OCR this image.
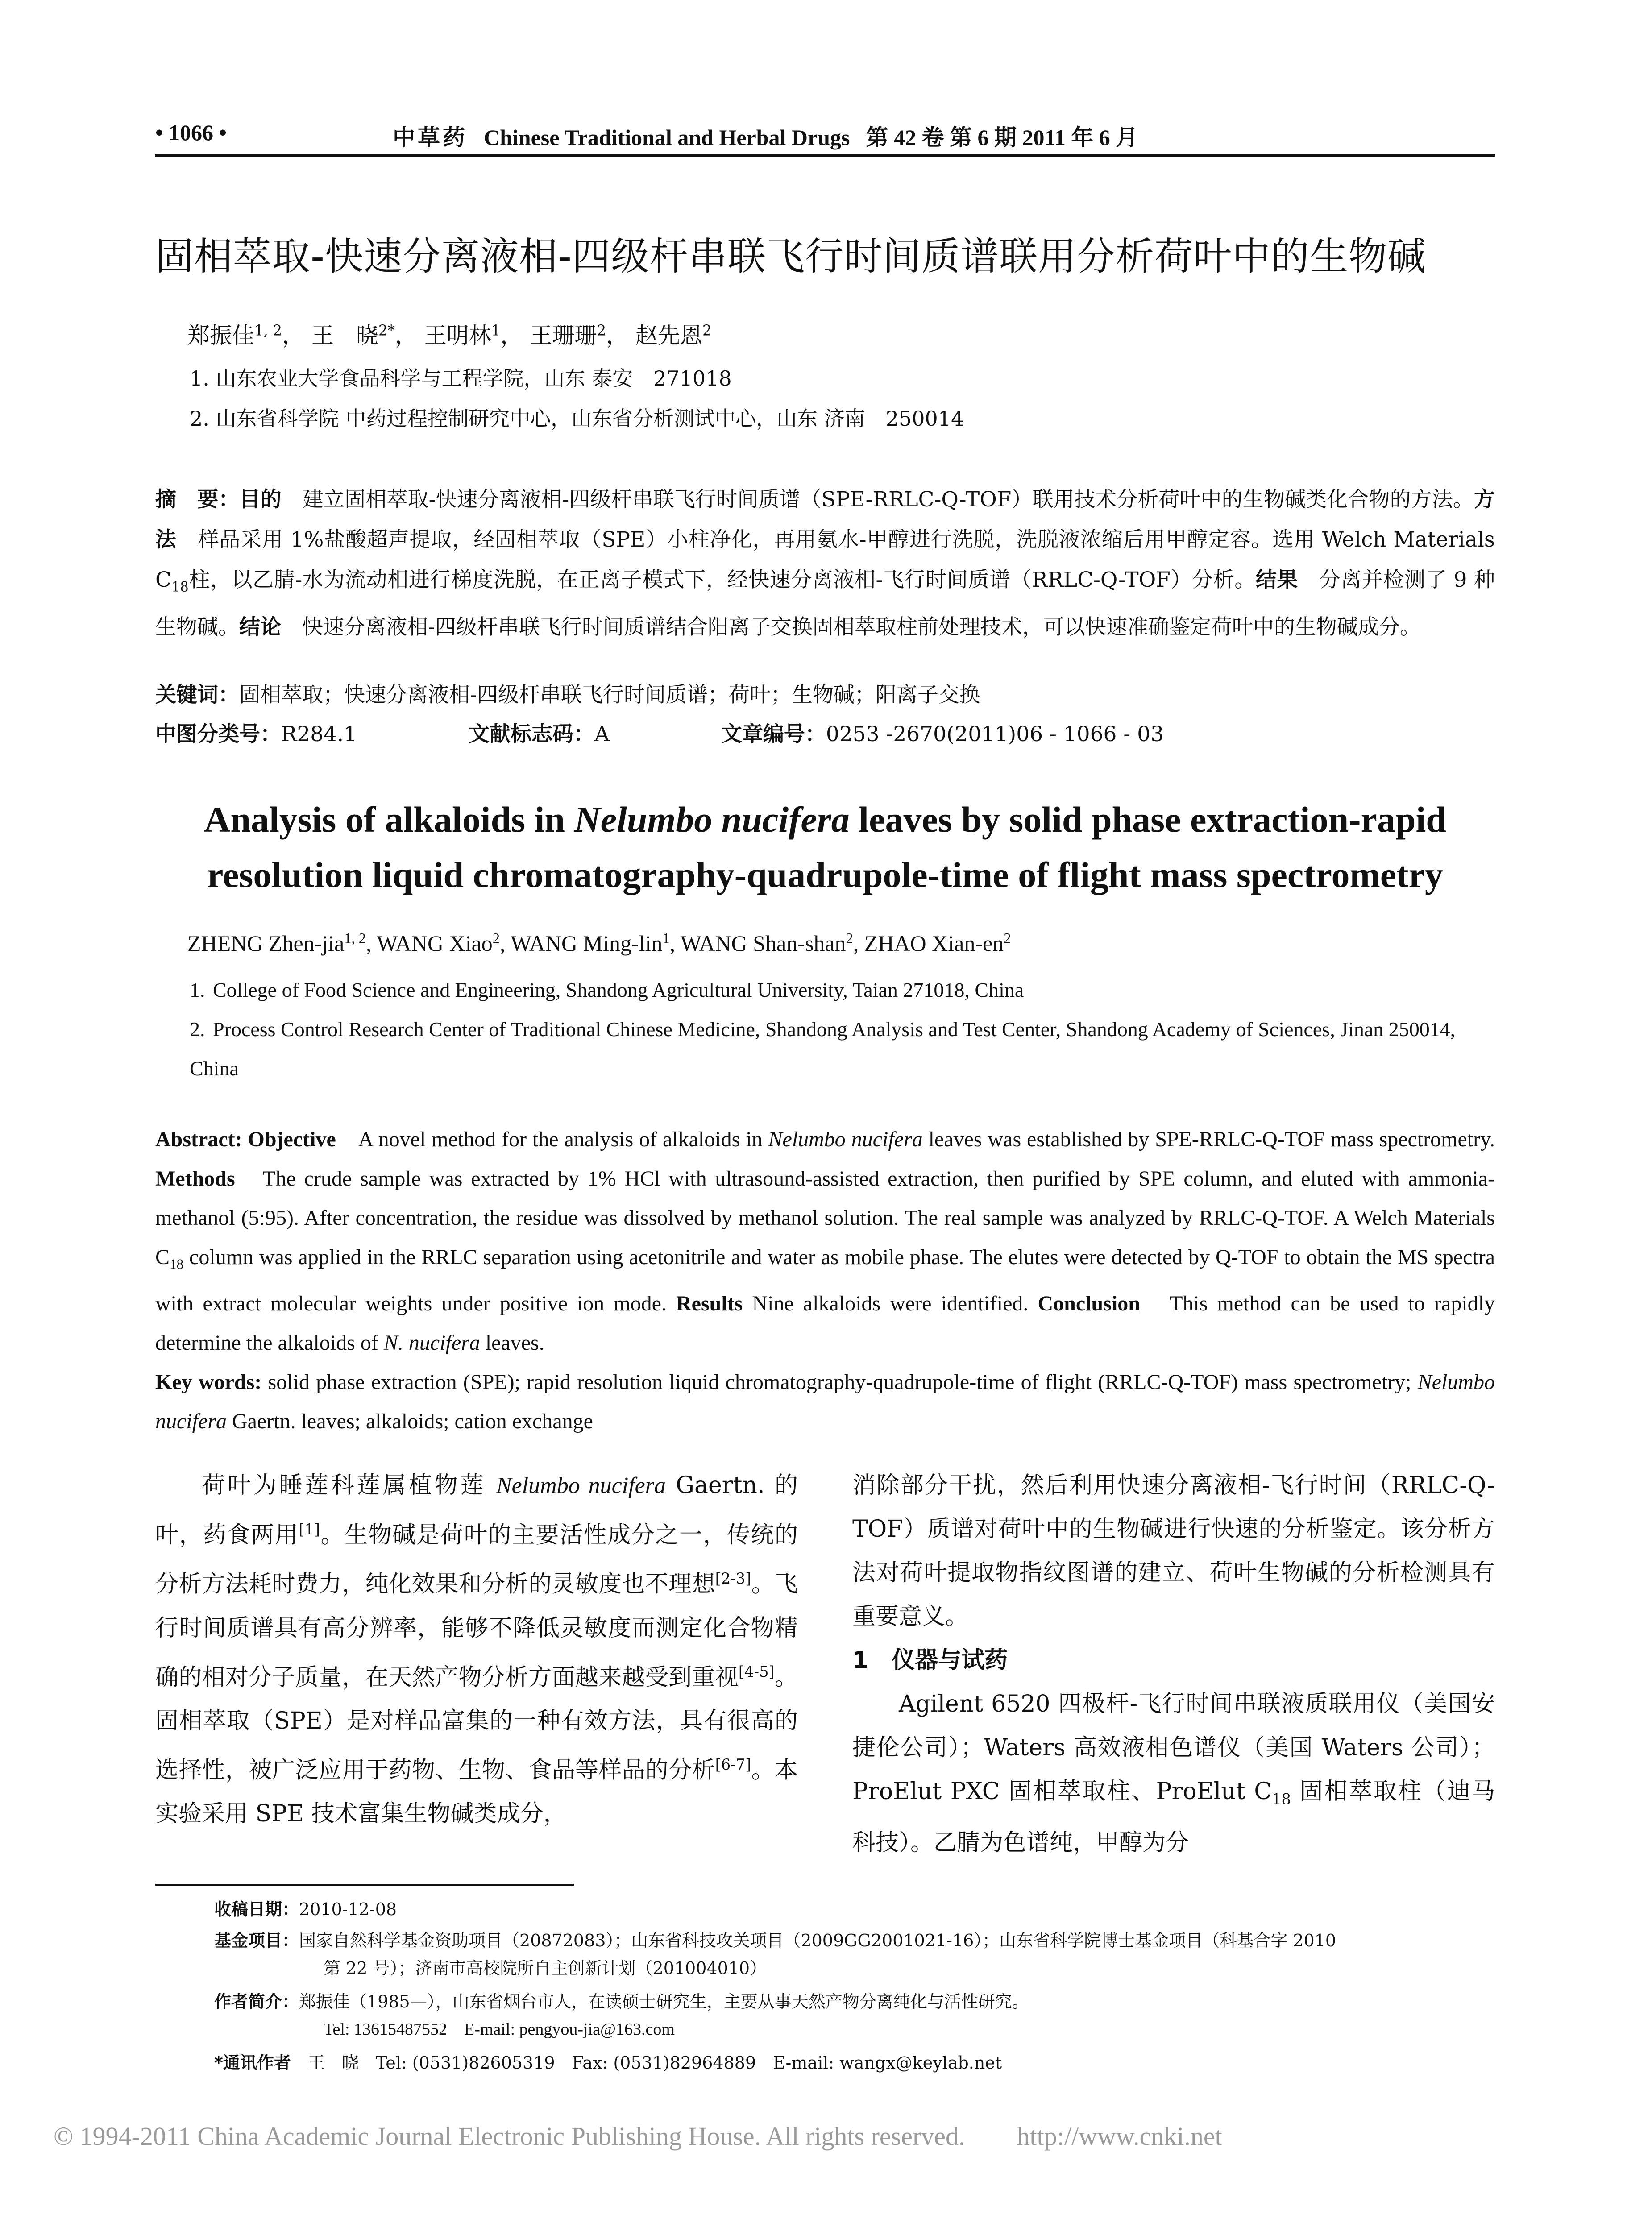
• 1066 •	中草药 Chinese Traditional and Herbal Drugs 第 42 卷 第 6 期 2011 年 6 月
固相萃取-快速分离液相-四级杆串联飞行时间质谱联用分析荷叶中的生物碱
郑振佳$^{1, 2}$， 王　晓$^{2*}$， 王明林$^1$， 王珊珊$^2$， 赵先恩$^2$
1. 山东农业大学食品科学与工程学院，山东 泰安　271018
2. 山东省科学院 中药过程控制研究中心，山东省分析测试中心，山东 济南　250014
摘　要：目的　 建立固相萃取-快速分离液相-四级杆串联飞行时间质谱（SPE-RRLC-Q-TOF）联用技术分析荷叶中的生物碱类化合物的方法。方法　 样品采用 1%盐酸超声提取，经固相萃取（SPE）小柱净化，再用氨水-甲醇进行洗脱，洗脱液浓缩后用甲醇定容。选用 Welch Materials $C_{18}$柱，以乙腈-水为流动相进行梯度洗脱，在正离子模式下，经快速分离液相-飞行时间质谱（RRLC-Q-TOF）分析。结果　 分离并检测了 9 种生物碱。结论　 快速分离液相-四级杆串联飞行时间质谱结合阳离子交换固相萃取柱前处理技术，可以快速准确鉴定荷叶中的生物碱成分。
关键词：固相萃取；快速分离液相-四级杆串联飞行时间质谱；荷叶；生物碱；阳离子交换
中图分类号：R284.1	文献标志码：A	文章编号：0253 -2670(2011)06 - 1066 - 03
Analysis of alkaloids in Nelumbo nucifera leaves by solid phase extraction-rapid resolution liquid chromatography-quadrupole-time of flight mass spectrometry
ZHENG Zhen-jia$^{1, 2}$, WANG Xiao$^2$, WANG Ming-lin$^1$, WANG Shan-shan$^2$, ZHAO Xian-$en^2$
1. College of Food Science and Engineering, Shandong Agricultural University, Taian 271018, China
2. Process Control Research Center of Traditional Chinese Medicine, Shandong Analysis and Test Center, Shandong Academy of Sciences, Jinan 250014, China
Abstract: Objective　 A novel method for the analysis of alkaloids in Nelumbo nucifera leaves was established by SPE-RRLC-Q-TOF mass spectrometry. Methods　 The crude sample was extracted by 1% HCl with ultrasound-assisted extraction, then purified by SPE column, and eluted with ammonia-methanol (5:95). After concentration, the residue was dissolved by methanol solution. The real sample was analyzed by RRLC-Q-TOF. A Welch Materials $C_{18}$ column was applied in the RRLC separation using acetonitrile and water as mobile phase. The elutes were detected by Q-TOF to obtain the MS spectra with extract molecular weights under positive ion mode. Results Nine alkaloids were identified. Conclusion　 This method can be used to rapidly determine the alkaloids of N. nucifera leaves.
Key words: solid phase extraction (SPE); rapid resolution liquid chromatography-quadrupole-time of flight (RRLC-Q-TOF) mass spectrometry; Nelumbo nucifera Gaertn. leaves; alkaloids; cation exchange

荷叶为睡莲科莲属植物莲 Nelumbo nucifera Gaertn. 的叶，药食两用[1]。生物碱是荷叶的主要活性成分之一，传统的分析方法耗时费力，纯化效果和分析的灵敏度也不理想[2-3]。飞行时间质谱具有高分辨率，能够不降低灵敏度而测定化合物精确的相对分子质量，在天然产物分析方面越来越受到重视[4-5]。固相萃取（SPE）是对样品富集的一种有效方法，具有很高的选择性，被广泛应用于药物、生物、食品等样品的分析[6-7]。本实验采用 SPE 技术富集生物碱类成分，

消除部分干扰，然后利用快速分离液相-飞行时间（RRLC-Q-TOF）质谱对荷叶中的生物碱进行快速的分析鉴定。该分析方法对荷叶提取物指纹图谱的建立、荷叶生物碱的分析检测具有重要意义。

1　仪器与试药

Agilent 6520 四极杆-飞行时间串联液质联用仪（美国安捷伦公司）；Waters 高效液相色谱仪（美国 Waters 公司）；ProElut PXC 固相萃取柱、ProElut $C_{18}$ 固相萃取柱（迪马科技）。乙腈为色谱纯，甲醇为分

收稿日期：2010-12-08
基金项目：国家自然科学基金资助项目（20872083）；山东省科技攻关项目（2009GG2001021-16）；山东省科学院博士基金项目（科基合字 2010
第 22 号）；济南市高校院所自主创新计划（201004010）
作者简介：郑振佳（1985—），山东省烟台市人，在读硕士研究生，主要从事天然产物分离纯化与活性研究。
Tel: 13615487552　E-mail: pengyou-jia@163.com
*通讯作者　 王　晓　Tel: (0531)82605319　Fax: (0531)82964889　E-mail: wangx@keylab.net
© 1994-2011 China Academic Journal Electronic Publishing House. All rights reserved.　　http://www.cnki.net
